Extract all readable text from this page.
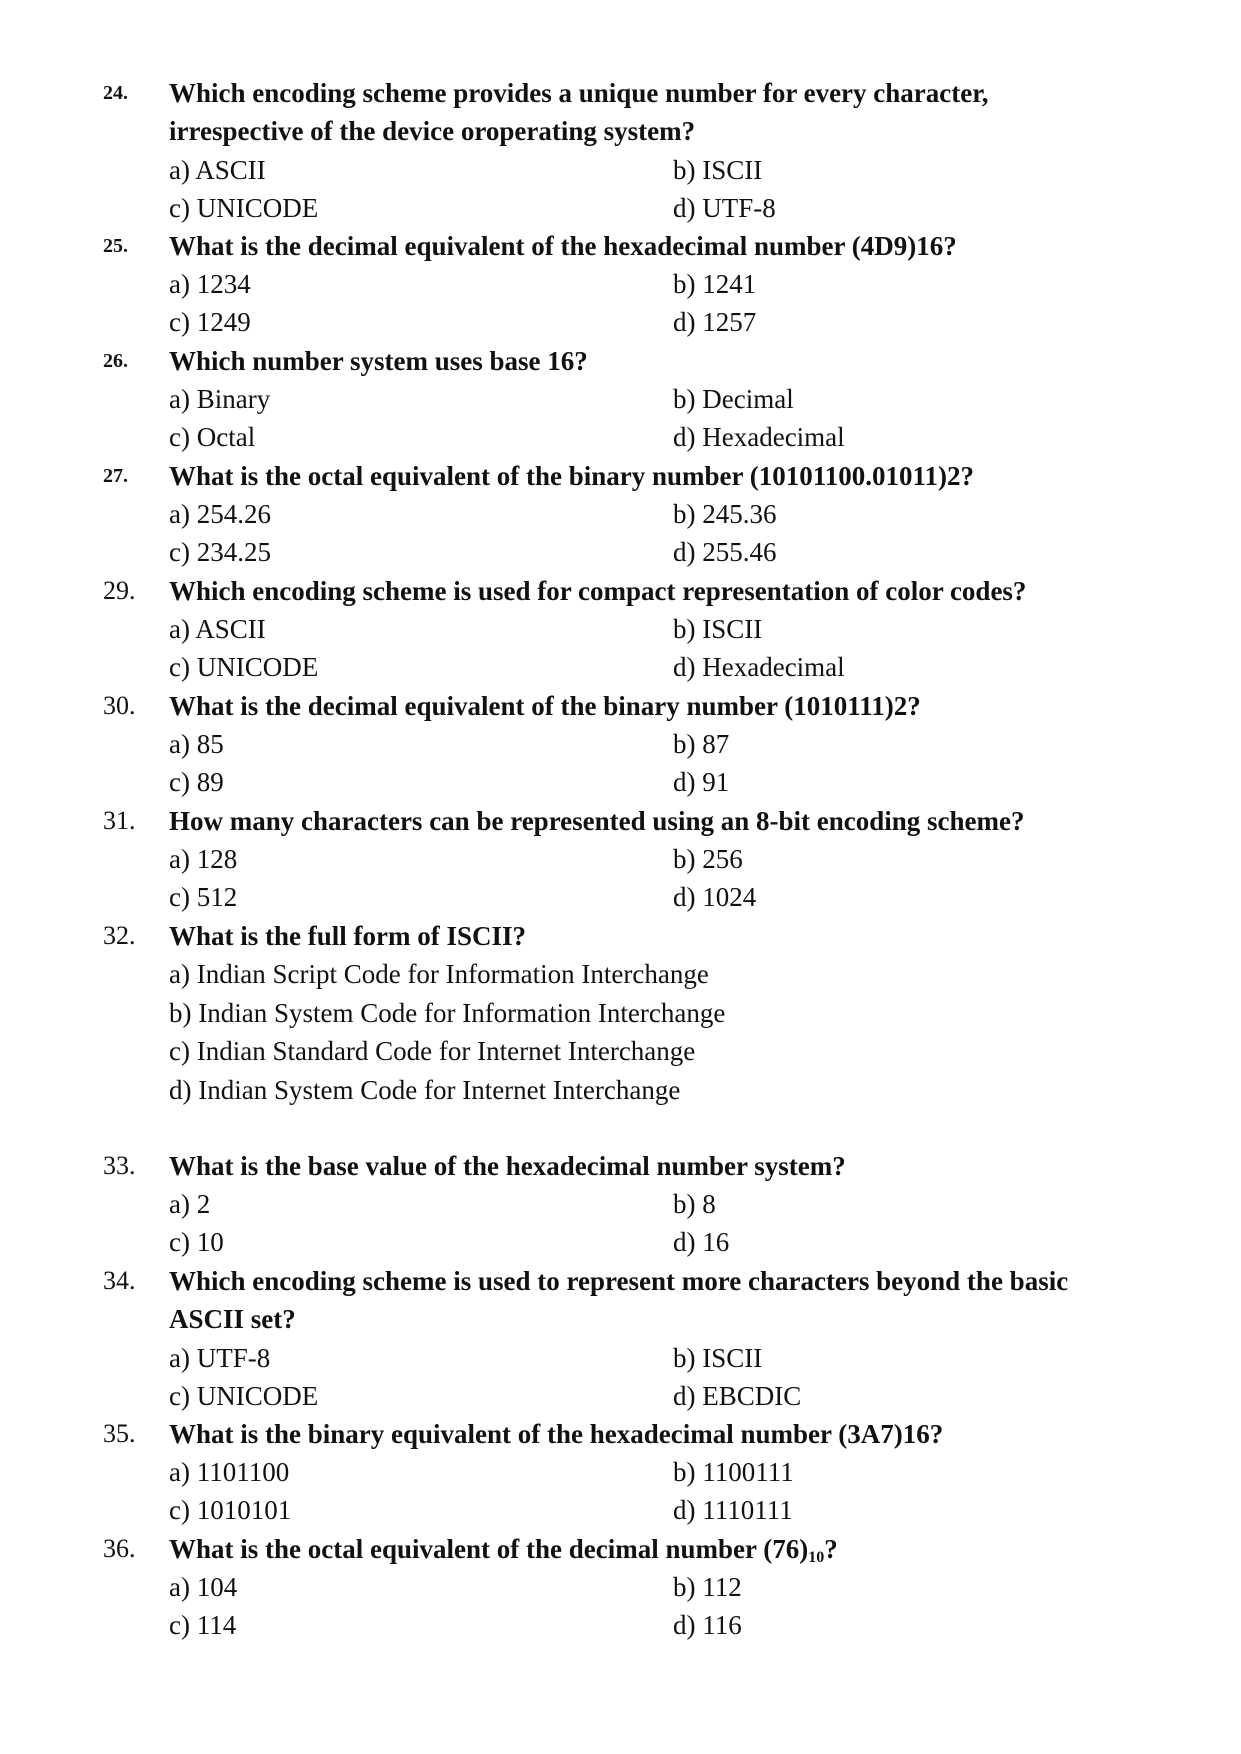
24. Which encoding scheme provides a unique number for every character,
irrespective of the device oroperating system?
a) ASCII	b) ISCII
c) UNICODE	d) UTF-8
25. What is the decimal equivalent of the hexadecimal number (4D9)16?
a) 1234	b) 1241
c) 1249	d) 1257
26. Which number system uses base 16?
a) Binary	b) Decimal
c) Octal	d) Hexadecimal
27. What is the octal equivalent of the binary number (10101100.01011)2?
a) 254.26	b) 245.36
c) 234.25	d) 255.46
29. Which encoding scheme is used for compact representation of color codes?
a) ASCII	b) ISCII
c) UNICODE	d) Hexadecimal
30. What is the decimal equivalent of the binary number (1010111)2?
a) 85	b) 87
c) 89	d) 91
31. How many characters can be represented using an 8-bit encoding scheme?
a) 128	b) 256
c) 512	d) 1024
32. What is the full form of ISCII?
a) Indian Script Code for Information Interchange
b) Indian System Code for Information Interchange
c) Indian Standard Code for Internet Interchange
d) Indian System Code for Internet Interchange
33. What is the base value of the hexadecimal number system?
a) 2	b) 8
c) 10	d) 16
34. Which encoding scheme is used to represent more characters beyond the basic
ASCII set?
a) UTF-8	b) ISCII
c) UNICODE	d) EBCDIC
35. What is the binary equivalent of the hexadecimal number (3A7)16?
a) 1101100	b) 1100111
c) 1010101	d) 1110111
36. What is the octal equivalent of the decimal number $(76)_{10}$?
a) 104	b) 112
c) 114	d) 116
